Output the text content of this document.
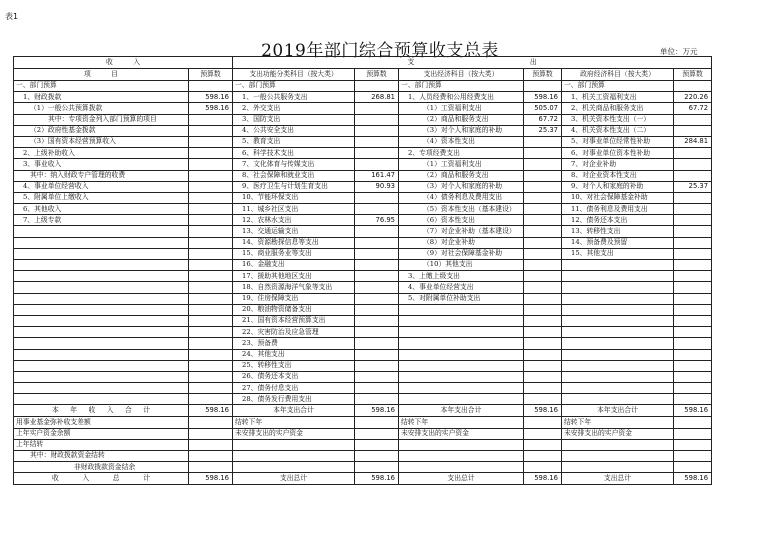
表1
2019年部门综合预算收支总表	单位：万元
收　　　入		支　　　　　　　　　　　　　　　　　出					
项　　　目	预算数	支出功能分类科目（按大类）	预算数	支出经济科目（按大类）	预算数	政府经济科目（按大类）	预算数
一、部门预算		一、部门预算		一、部门预算		一、部门预算	
1、财政拨款	598.16	1、一般公共服务支出	268.81	1、人员经费和公用经费支出	598.16	1、机关工资福利支出	220.26
（1）一般公共预算拨款	598.16	2、外交支出		（1）工资福利支出	505.07	2、机关商品和服务支出	67.72
其中：专项资金列入部门预算的项目		3、国防支出		（2）商品和服务支出	67.72	3、机关资本性支出（一）	
（2）政府性基金拨款		4、公共安全支出		（3）对个人和家庭的补助	25.37	4、机关资本性支出（二）	
（3）国有资本经营预算收入		5、教育支出		（4）资本性支出		5、对事业单位经常性补助	284.81
2、上级补助收入		6、科学技术支出		2、专项经费支出		6、对事业单位资本性补助	
3、事业收入		7、文化体育与传媒支出		（1）工资福利支出		7、对企业补助	
其中：纳入财政专户管理的收费		8、社会保障和就业支出	161.47	（2）商品和服务支出		8、对企业资本性支出	
4、事业单位经营收入		9、医疗卫生与计划生育支出	90.93	（3）对个人和家庭的补助		9、对个人和家庭的补助	25.37
5、附属单位上缴收入		10、节能环保支出		（4）债务利息及费用支出		10、对社会保障基金补助	
6、其他收入		11、城乡社区支出		（5）资本性支出（基本建设）		11、债务利息及费用支出	
7、上级专款		12、农林水支出	76.95	（6）资本性支出		12、债务还本支出	
		13、交通运输支出		（7）对企业补助（基本建设）		13、转移性支出	
		14、资源勘探信息等支出		（8）对企业补助		14、预备费及预留	
		15、商业服务业等支出		（9）对社会保障基金补助		15、其他支出	
		16、金融支出		（10）其他支出			
		17、援助其他地区支出		3、上缴上级支出			
		18、自然资源海洋气象等支出		4、事业单位经营支出			
		19、住房保障支出		5、对附属单位补助支出			
		20、粮油物资储备支出					
		21、国有资本经营预算支出					
		22、灾害防治及应急管理					
		23、预备费					
		24、其他支出					
		25、转移性支出					
		26、债务还本支出					
		27、债务付息支出					
		28、债务发行费用支出					
本年收入合计	598.16	本年支出合计	598.16	本年支出合计	598.16	本年支出合计	598.16
用事业基金弥补收支差额		结转下年		结转下年		结转下年	
上年实户资金余额		未安排支出的实户资金		未安排支出的实户资金		未安排支出的实户资金	
上年结转							
其中：财政拨款资金结转							
非财政拨款资金结余							
收入总计	598.16	支出总计	598.16	支出总计	598.16	支出总计	598.16
